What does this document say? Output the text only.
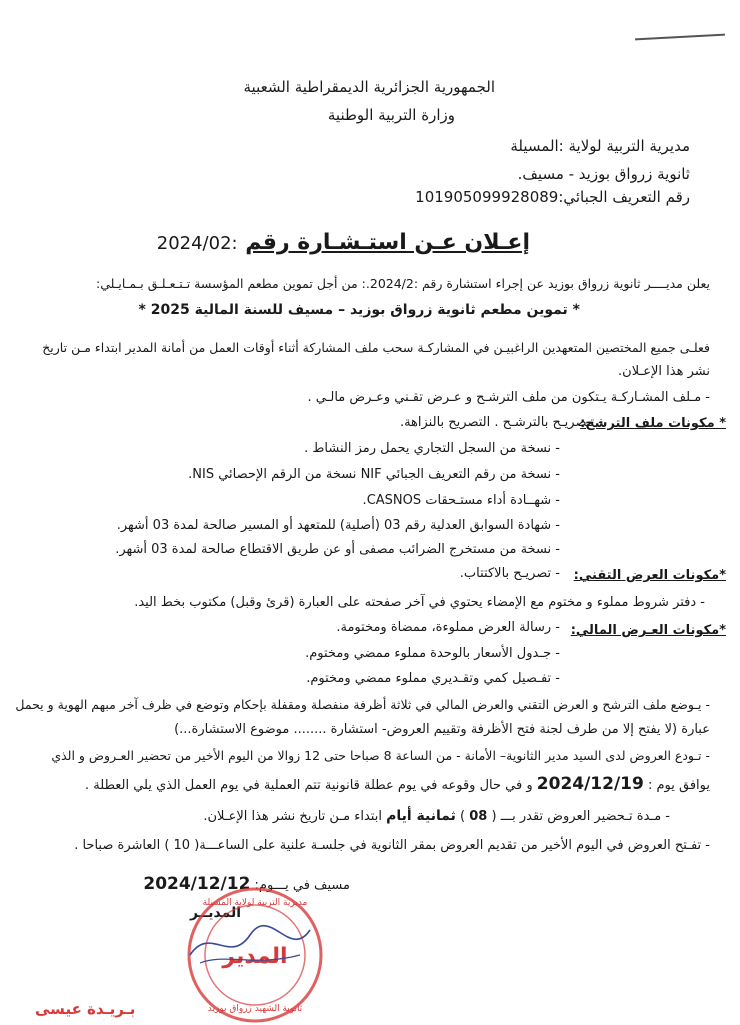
الجمهورية الجزائرية الديمقراطية الشعبية
وزارة التربية الوطنية
مديرية التربية لولاية :المسيلة
ثانوية زرواق بوزيد - مسيف.
رقم التعريف الجبائي:101905099928089
إعـلان عـن استـشـارة رقم :2024/02
يعلن مديــــر ثانوية زرواق بوزيد عن إجراء استشارة رقم :2024/2.: من أجل تموين مطعم المؤسسة تـتـعـلـق بـمـايـلي:
* تموين مطعم ثانوية زرواق بوزيد – مسيف للسنة المالية 2025 *
فعلـى جميع المختصين المتعهدين الراغبيـن في المشاركـة سحب ملف المشاركة أثناء أوقات العمل من أمانة المدير ابتداء مـن تاريخ
نشر هذا الإعـلان.
- مـلف المشـاركـة يـتكون من ملف الترشـح و عـرض تقـني وعـرض مالـي .
* مكونات ملف الترشح:
- تـصريـح بالترشـح . التصريح بالنزاهة.
- نسخة من السجل التجاري يحمل رمز النشاط .
- نسخة من رقم التعريف الجبائي NIF نسخة من الرقم الإحصائي NIS.
- شهــادة أداء مستـحقات CASNOS.
- شهادة السوابق العدلية رقم 03 (أصلية) للمتعهد أو المسير صالحة لمدة 03 أشهر.
- نسخة من مستخرج الضرائب مصفى أو عن طريق الاقتطاع صالحة لمدة 03 أشهر.
*مكونات العرض التقني:
- تصريـح بالاكتتاب.
- دفتر شروط مملوء و مختوم مع الإمضاء يحتوي في آخر صفحته على العبارة (قرئ وقبل) مكتوب بخط اليد.
*مكونات العـرض المالي:
- رسالة العرض مملوءة، ممضاة ومختومة.
- جـدول الأسعار بالوحدة مملوء ممضي ومختوم.
- تفـصيل كمي وتقـديري مملوء ممضي ومختوم.
- يـوضع ملف الترشح و العرض التقني والعرض المالي في ثلاثة أظرفة منفصلة ومقفلة بإحكام وتوضع في ظرف آخر مبهم الهوية و يحمل
عبارة (لا يفتح إلا من طرف لجنة فتح الأظرفة وتقييم العروض- استشارة ........ موضوع الاستشارة...)
- تـودع العروض لدى السيد مدير الثانوية– الأمانة - من الساعة 8 صباحا حتى 12 زوالا من اليوم الأخير من تحضير العـروض و الذي
يوافق يوم : 2024/12/19 و في حال وقوعه في يوم عطلة قانونية تتم العملية في يوم العمل الذي يلي العطلة .
- مـدة تـحضير العروض تقدر بـــ ( 08 ) ثمانية أيام ابتداء مـن تاريخ نشر هذا الإعـلان.
- تفـتح العروض في اليوم الأخير من تقديم العروض بمقر الثانوية في جلسـة علنية على الساعـــة( 10 ) العاشرة صباحا .
مسيف في يـــوم: 2024/12/12
المديــر
المدير
مديرية التربية لولاية المسيلة
ثانوية الشهيد زرواق بوزيد
بـريـدة عيسى
